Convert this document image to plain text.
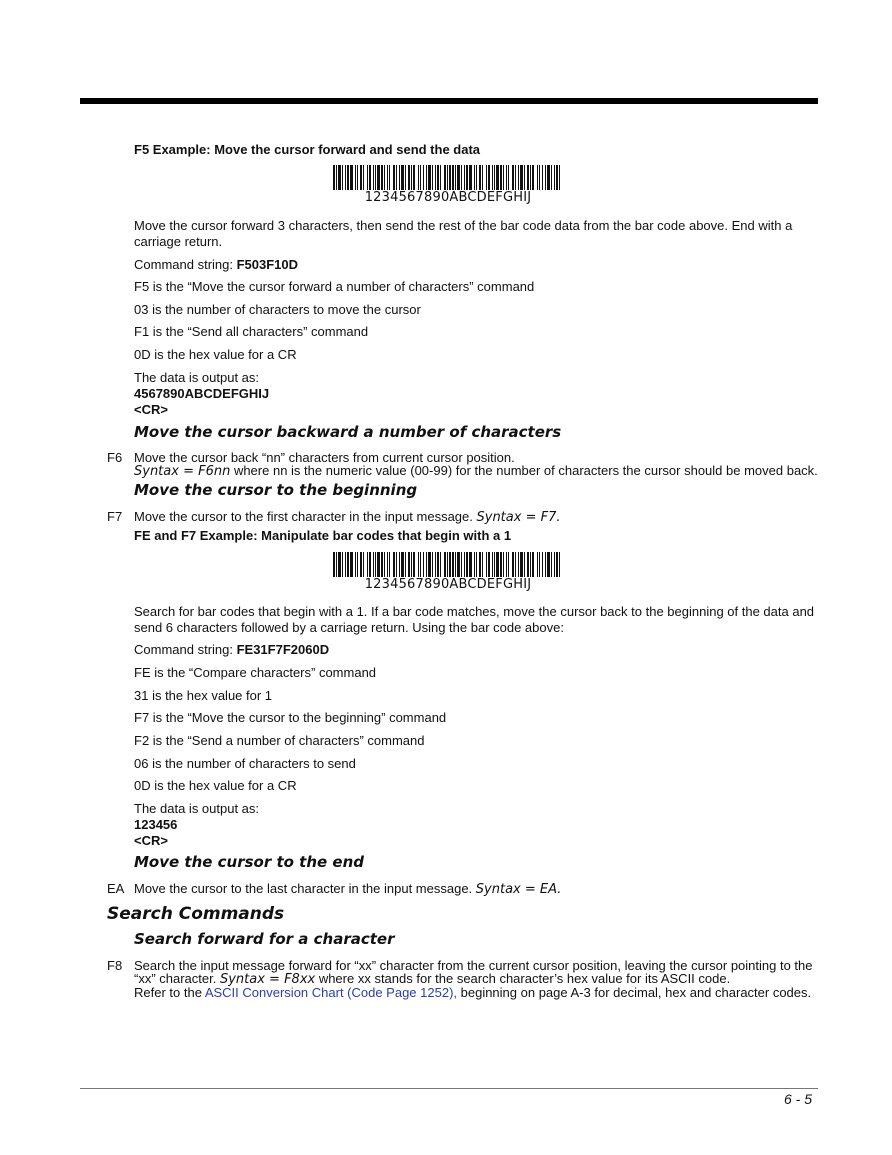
F5 Example: Move the cursor forward and send the data
1234567890ABCDEFGHIJ
Move the cursor forward 3 characters, then send the rest of the bar code data from the bar code above. End with a carriage return.
Command string: F503F10D
F5 is the “Move the cursor forward a number of characters” command
03 is the number of characters to move the cursor
F1 is the “Send all characters” command
0D is the hex value for a CR
The data is output as:
4567890ABCDEFGHIJ
<CR>
Move the cursor backward a number of characters
F6 Move the cursor back “nn” characters from current cursor position.
Syntax = F6nn where nn is the numeric value (00-99) for the number of characters the cursor should be moved back.
Move the cursor to the beginning
F7 Move the cursor to the first character in the input message. Syntax = F7.
FE and F7 Example: Manipulate bar codes that begin with a 1
1234567890ABCDEFGHIJ
Search for bar codes that begin with a 1. If a bar code matches, move the cursor back to the beginning of the data and send 6 characters followed by a carriage return. Using the bar code above:
Command string: FE31F7F2060D
FE is the “Compare characters” command
31 is the hex value for 1
F7 is the “Move the cursor to the beginning” command
F2 is the “Send a number of characters” command
06 is the number of characters to send
0D is the hex value for a CR
The data is output as:
123456
<CR>
Move the cursor to the end
EA Move the cursor to the last character in the input message. Syntax = EA.
Search Commands
Search forward for a character
F8 Search the input message forward for “xx” character from the current cursor position, leaving the cursor pointing to the
“xx” character. Syntax = F8xx where xx stands for the search character’s hex value for its ASCII code.
Refer to the ASCII Conversion Chart (Code Page 1252), beginning on page A-3 for decimal, hex and character codes.
6 - 5
